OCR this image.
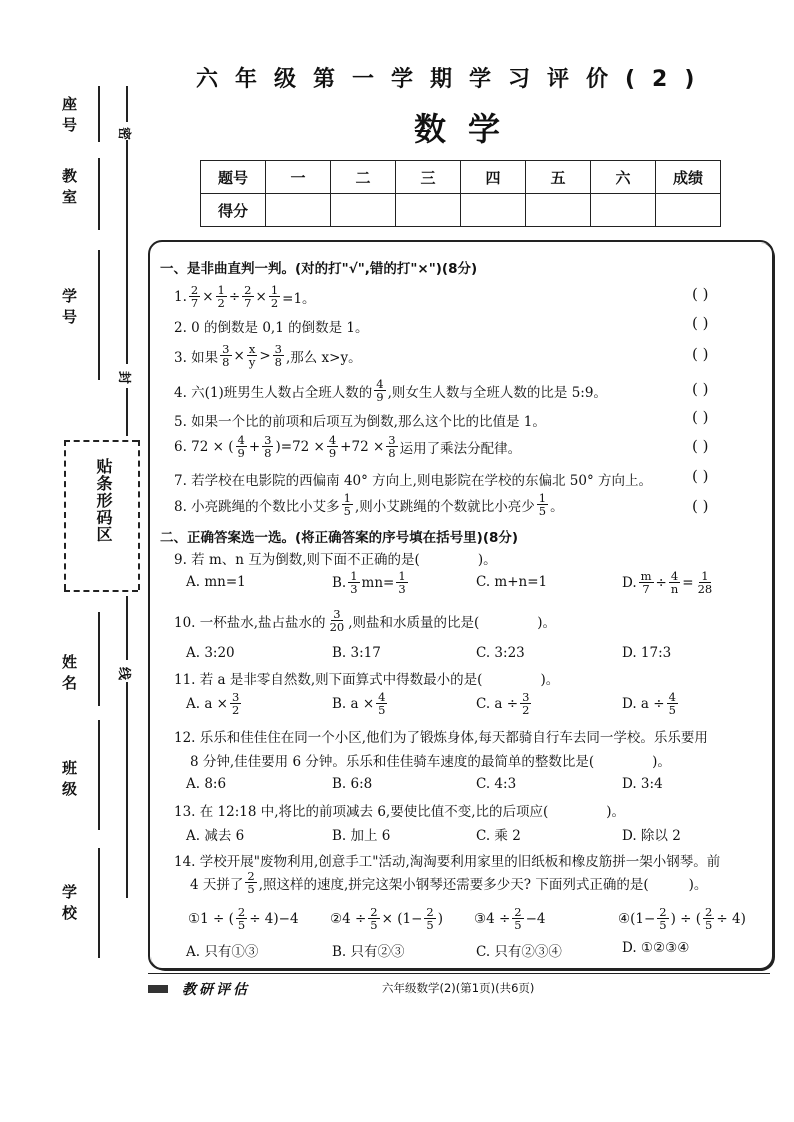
座号
教室
学号
姓名
班级
学校
贴条形码区
密
封
线
六年级第一学期学习评价(2)
数学
题号	一	二	三	四	五	六	成绩
得分							
一、是非曲直判一判。(对的打"√",错的打"×")(8分)
1. $\frac{2}{7} \times \frac{1}{2} \div \frac{2}{7} \times \frac{1}{2} =1$。
2. 0 的倒数是 0,1 的倒数是 1。
3. 如果 $\frac{3}{8} \times \frac{x}{y} > \frac{3}{8}$ ,那么 x>y。
4. 六(1)班男生人数占全班人数的 $\frac{4}{9}$ ,则女生人数与全班人数的比是 5:9。
5. 如果一个比的前项和后项互为倒数,那么这个比的比值是 1。
6. 72 × ( $\frac{4}{9} + \frac{3}{8} )=72 \times \frac{4}{9} +72 \times \frac{3}{8}$ 运用了乘法分配律。
7. 若学校在电影院的西偏南 40° 方向上,则电影院在学校的东偏北 50° 方向上。
8. 小亮跳绳的个数比小艾多 $\frac{1}{5}$ ,则小艾跳绳的个数就比小亮少 $\frac{1}{5}$ 。
( )
( )
( )
( )
( )
( )
( )
( )
二、正确答案选一选。(将正确答案的序号填在括号里)(8分)
9. 若 m、n 互为倒数,则下面不正确的是(	)。
A. mn=1	B. $\frac{1}{3} mn= \frac{1}{3}$	C. m+n=1	D. $\frac{m}{7} \div \frac{4}{n} = \frac{1}{28}$
10. 一杯盐水,盐占盐水的 $\frac{3}{20}$ ,则盐和水质量的比是(	)。
A. 3:20	B. 3:17	C. 3:23	D. 17:3
11. 若 a 是非零自然数,则下面算式中得数最小的是(	)。
A. $a \times \frac{3}{2}$	B. $a \times \frac{4}{5}$	C. $a \div \frac{3}{2}$	D. $a \div \frac{4}{5}$
12. 乐乐和佳佳住在同一个小区,他们为了锻炼身体,每天都骑自行车去同一学校。乐乐要用
8 分钟,佳佳要用 6 分钟。乐乐和佳佳骑车速度的最简单的整数比是(	)。
A. 8:6	B. 6:8	C. 4:3	D. 3:4
13. 在 12:18 中,将比的前项减去 6,要使比值不变,比的后项应(	)。
A. 减去 6	B. 加上 6	C. 乘 2	D. 除以 2
14. 学校开展"废物利用,创意手工"活动,淘淘要利用家里的旧纸板和橡皮筋拼一架小钢琴。前
4 天拼了 $\frac{2}{5}$ ,照这样的速度,拼完这架小钢琴还需要多少天? 下面列式正确的是(	)。
①1 ÷ ( $\frac{2}{5} \div 4)-4$ ②4 ÷ $\frac{2}{5} \times (1- \frac{2}{5}$ ) ③4 ÷ $\frac{2}{5} -4$	④(1− $\frac{2}{5}$ ) ÷ ( $\frac{2}{5} \div 4$)
A. 只有①③	B. 只有②③	C. 只有②③④	D. ①②③④
教研评估	六年级数学(2)(第1页)(共6页)
